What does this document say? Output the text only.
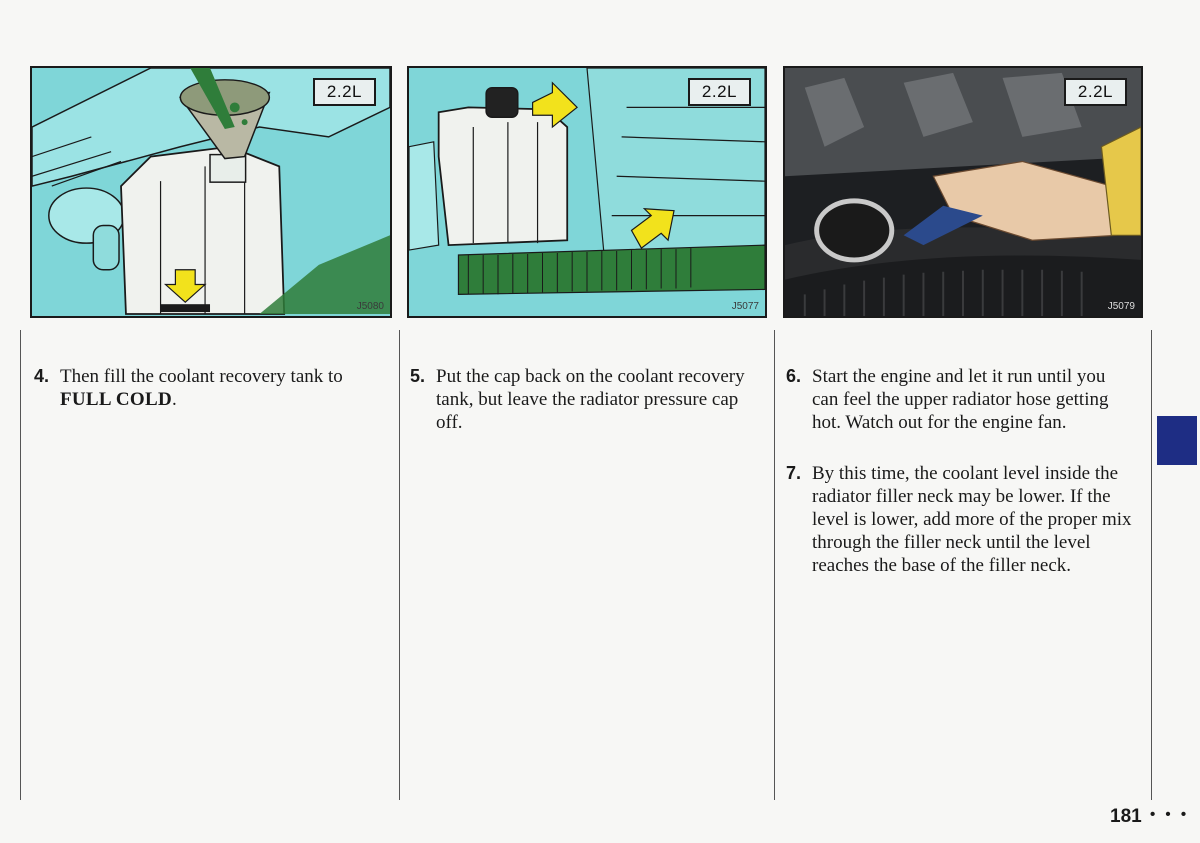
2.2L
J5080
2.2L
J5077
2.2L
J5079
4. Then fill the coolant recovery tank to FULL COLD.
5. Put the cap back on the coolant recovery tank, but leave the radiator pressure cap off.
6. Start the engine and let it run until you can feel the upper radiator hose getting hot. Watch out for the engine fan.
7. By this time, the coolant level inside the radiator filler neck may be lower. If the level is lower, add more of the proper mix through the filler neck until the level reaches the base of the filler neck.
181 • • •
